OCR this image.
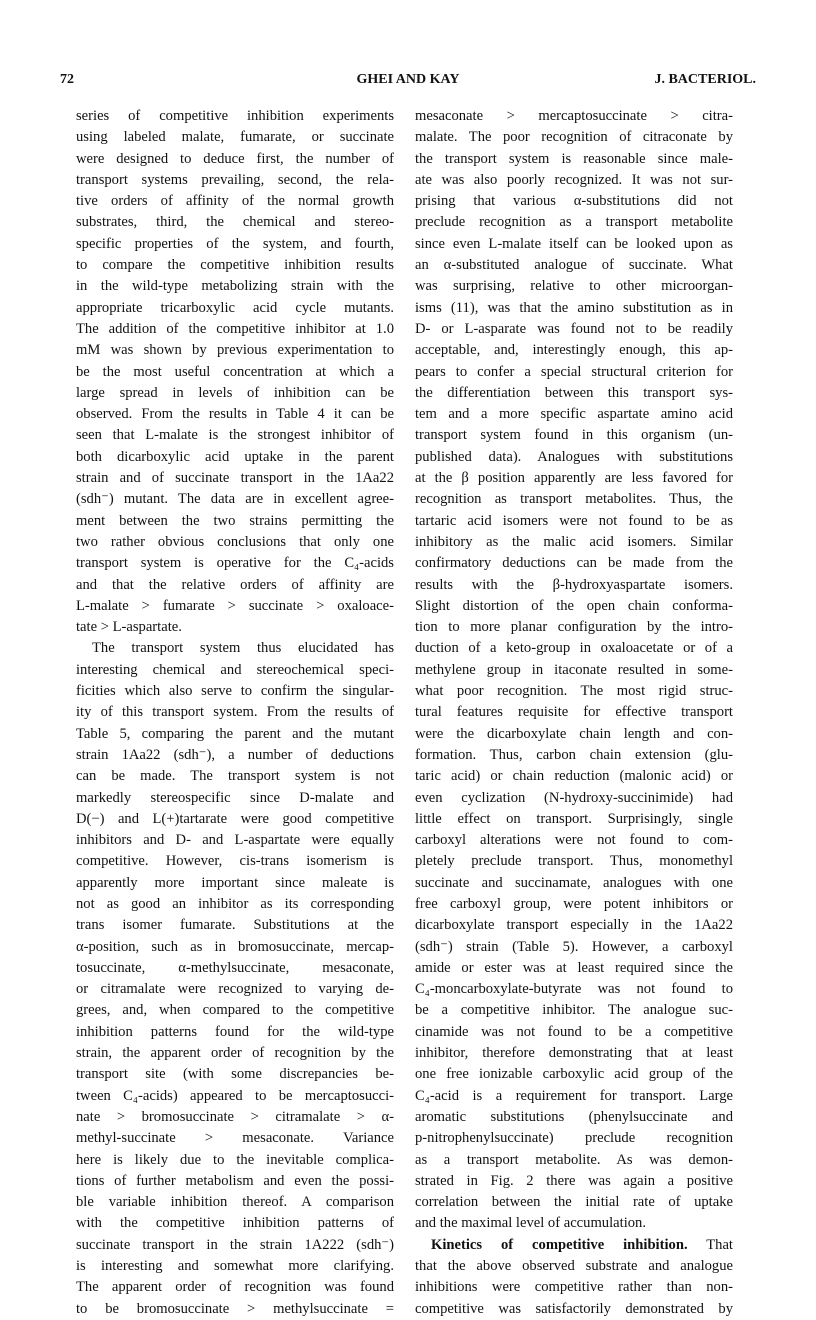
72	GHEI AND KAY	J. BACTERIOL.
series of competitive inhibition experiments
using labeled malate, fumarate, or succinate
were designed to deduce first, the number of
transport systems prevailing, second, the rela-
tive orders of affinity of the normal growth
substrates, third, the chemical and stereo-
specific properties of the system, and fourth,
to compare the competitive inhibition results
in the wild-type metabolizing strain with the
appropriate tricarboxylic acid cycle mutants.
The addition of the competitive inhibitor at 1.0
mM was shown by previous experimentation to
be the most useful concentration at which a
large spread in levels of inhibition can be
observed. From the results in Table 4 it can be
seen that L-malate is the strongest inhibitor of
both dicarboxylic acid uptake in the parent
strain and of succinate transport in the 1Aa22
(sdh⁻) mutant. The data are in excellent agree-
ment between the two strains permitting the
two rather obvious conclusions that only one
transport system is operative for the C₄-acids
and that the relative orders of affinity are
L-malate > fumarate > succinate > oxaloace-
tate > L-aspartate.
The transport system thus elucidated has
interesting chemical and stereochemical speci-
ficities which also serve to confirm the singular-
ity of this transport system. From the results of
Table 5, comparing the parent and the mutant
strain 1Aa22 (sdh⁻), a number of deductions
can be made. The transport system is not
markedly stereospecific since D-malate and
D(−) and L(+)tartarate were good competitive
inhibitors and D- and L-aspartate were equally
competitive. However, cis-trans isomerism is
apparently more important since maleate is
not as good an inhibitor as its corresponding
trans isomer fumarate. Substitutions at the
α-position, such as in bromosuccinate, mercap-
tosuccinate, α-methylsuccinate, mesaconate,
or citramalate were recognized to varying de-
grees, and, when compared to the competitive
inhibition patterns found for the wild-type
strain, the apparent order of recognition by the
transport site (with some discrepancies be-
tween C₄-acids) appeared to be mercaptosucci-
nate > bromosuccinate > citramalate > α-
methyl-succinate > mesaconate. Variance
here is likely due to the inevitable complica-
tions of further metabolism and even the possi-
ble variable inhibition thereof. A comparison
with the competitive inhibition patterns of
succinate transport in the strain 1A222 (sdh⁻)
is interesting and somewhat more clarifying.
The apparent order of recognition was found
to be bromosuccinate > methylsuccinate =
mesaconate > mercaptosuccinate > citra-
malate. The poor recognition of citraconate by
the transport system is reasonable since male-
ate was also poorly recognized. It was not sur-
prising that various α-substitutions did not
preclude recognition as a transport metabolite
since even L-malate itself can be looked upon as
an α-substituted analogue of succinate. What
was surprising, relative to other microorgan-
isms (11), was that the amino substitution as in
D- or L-asparate was found not to be readily
acceptable, and, interestingly enough, this ap-
pears to confer a special structural criterion for
the differentiation between this transport sys-
tem and a more specific aspartate amino acid
transport system found in this organism (un-
published data). Analogues with substitutions
at the β position apparently are less favored for
recognition as transport metabolites. Thus, the
tartaric acid isomers were not found to be as
inhibitory as the malic acid isomers. Similar
confirmatory deductions can be made from the
results with the β-hydroxyaspartate isomers.
Slight distortion of the open chain conforma-
tion to more planar configuration by the intro-
duction of a keto-group in oxaloacetate or of a
methylene group in itaconate resulted in some-
what poor recognition. The most rigid struc-
tural features requisite for effective transport
were the dicarboxylate chain length and con-
formation. Thus, carbon chain extension (glu-
taric acid) or chain reduction (malonic acid) or
even cyclization (N-hydroxy-succinimide) had
little effect on transport. Surprisingly, single
carboxyl alterations were not found to com-
pletely preclude transport. Thus, monomethyl
succinate and succinamate, analogues with one
free carboxyl group, were potent inhibitors or
dicarboxylate transport especially in the 1Aa22
(sdh⁻) strain (Table 5). However, a carboxyl
amide or ester was at least required since the
C₄-moncarboxylate-butyrate was not found to
be a competitive inhibitor. The analogue suc-
cinamide was not found to be a competitive
inhibitor, therefore demonstrating that at least
one free ionizable carboxylic acid group of the
C₄-acid is a requirement for transport. Large
aromatic substitutions (phenylsuccinate and
p-nitrophenylsuccinate) preclude recognition
as a transport metabolite. As was demon-
strated in Fig. 2 there was again a positive
correlation between the initial rate of uptake
and the maximal level of accumulation.
Kinetics of competitive inhibition. That
that the above observed substrate and analogue
inhibitions were competitive rather than non-
competitive was satisfactorily demonstrated by
